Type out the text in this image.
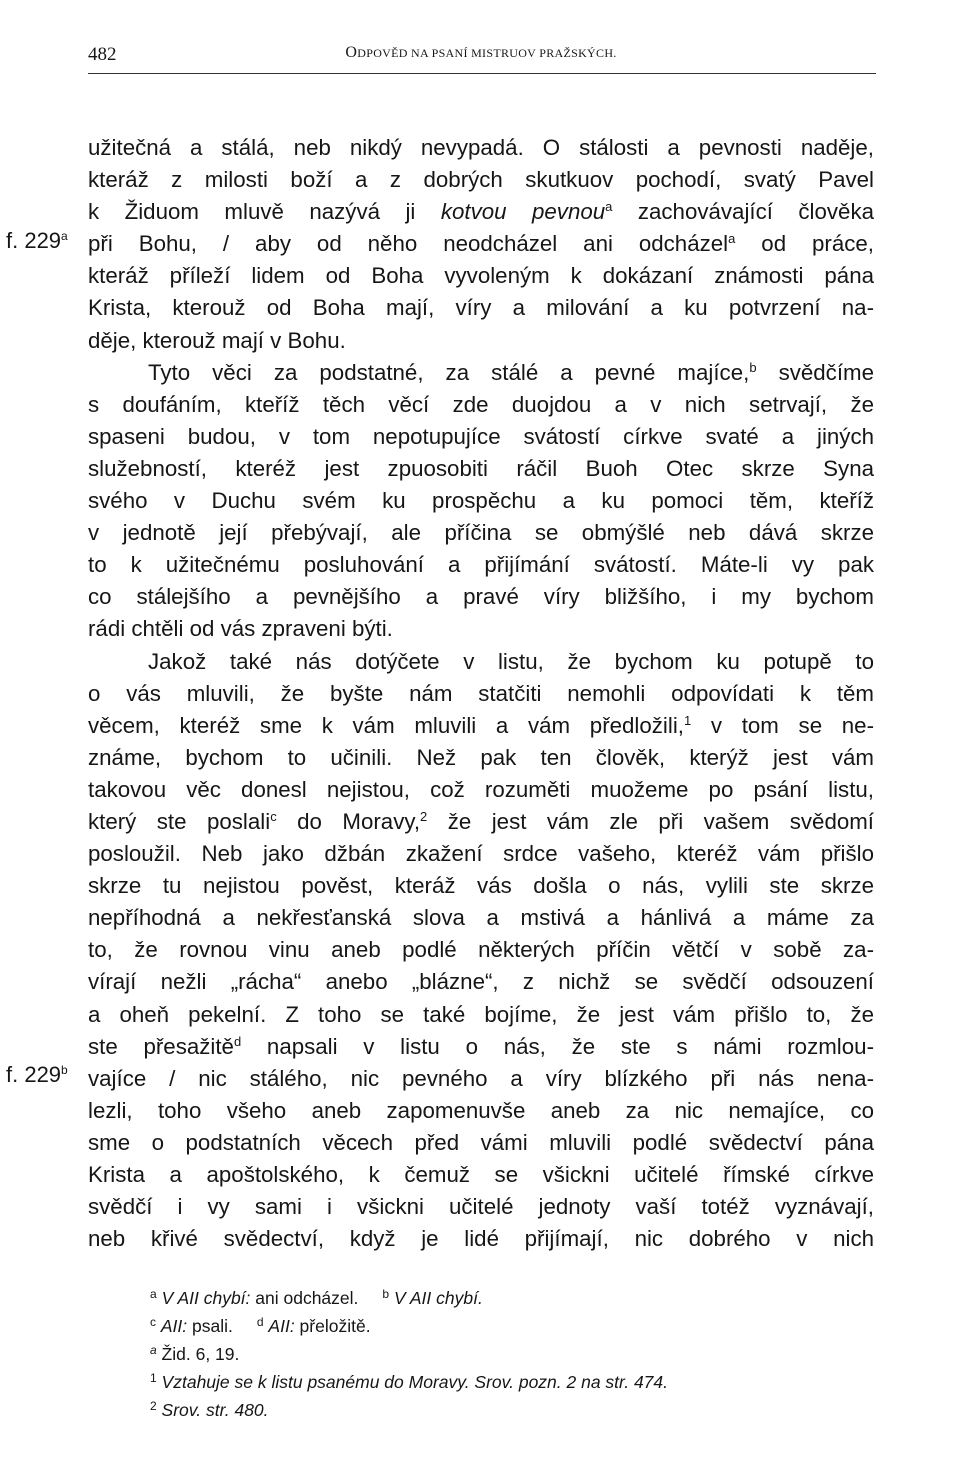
482	ODPOVĚD NA PSANÍ MISTRUOV PRAŽSKÝCH.
f. 229$^a$
f. 229$^b$
užitečná a stálá, neb nikdý nevypadá. O stálosti a pevnosti naděje,
kteráž z milosti boží a z dobrých skutkuov pochodí, svatý Pavel
k Židuom mluvě nazývá ji kotvou pevnou$^a$ zachovávající člověka
při Bohu, / aby od něho neodcházel ani odcházel$^a$ od práce,
kteráž příleží lidem od Boha vyvoleným k dokázaní známosti pána
Krista, kterouž od Boha mají, víry a milování a ku potvrzení na-
děje, kterouž mají v Bohu.
Tyto věci za podstatné, za stálé a pevné majíce,$^b$ svědčíme
s doufáním, kteříž těch věcí zde duojdou a v nich setrvají, že
spaseni budou, v tom nepotupujíce svátostí církve svaté a jiných
služebností, kteréž jest zpuosobiti ráčil Buoh Otec skrze Syna
svého v Duchu svém ku prospěchu a ku pomoci těm, kteříž
v jednotě její přebývají, ale příčina se obmýšlé neb dává skrze
to k užitečnému posluhování a přijímání svátostí. Máte-li vy pak
co stálejšího a pevnějšího a pravé víry bližšího, i my bychom
rádi chtěli od vás zpraveni býti.
Jakož také nás dotýčete v listu, že bychom ku potupě to
o vás mluvili, že byšte nám statčiti nemohli odpovídati k těm
věcem, kteréž sme k vám mluvili a vám předložili,$^1$ v tom se ne-
známe, bychom to učinili. Než pak ten člověk, kterýž jest vám
takovou věc donesl nejistou, což rozuměti muožeme po psání listu,
který ste poslali$^c$ do Moravy,$^2$ že jest vám zle při vašem svědomí
posloužil. Neb jako džbán zkažení srdce vašeho, kteréž vám přišlo
skrze tu nejistou pověst, kteráž vás došla o nás, vylili ste skrze
nepříhodná a nekřesťanská slova a mstivá a hánlivá a máme za
to, že rovnou vinu aneb podlé některých příčin větčí v sobě za-
vírají nežli „rácha“ anebo „blázne“, z nichž se svědčí odsouzení
a oheň pekelní. Z toho se také bojíme, že jest vám přišlo to, že
ste přesažitě$^d$ napsali v listu o nás, že ste s námi rozmlou-
vajíce / nic stálého, nic pevného a víry blízkého při nás nena-
lezli, toho všeho aneb zapomenuvše aneb za nic nemajíce, co
sme o podstatních věcech před vámi mluvili podlé svědectví pána
Krista a apoštolského, k čemuž se všickni učitelé římské církve
svědčí i vy sami i všickni učitelé jednoty vaší totéž vyznávají,
neb křivé svědectví, když je lidé přijímají, nic dobrého v nich
$^a$ V AII chybí: ani odcházel. $^b$ V AII chybí.
$^c$ AII: psali. $^d$ AII: přeložitě.
$^a$ Žid. 6, 19.
$^1$ Vztahuje se k listu psanému do Moravy. Srov. pozn. 2 na str. 474.
$^2$ Srov. str. 480.
